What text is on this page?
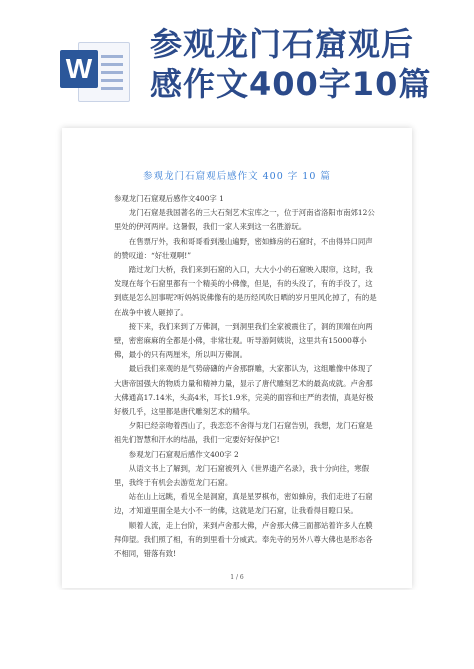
W
参观龙门石窟观后
感作文400字10篇
参观龙门石窟观后感作文 400 字 10 篇

参观龙门石窟观后感作文400字 1

龙门石窟是我国著名的三大石刻艺术宝库之一，位于河南省洛阳市南郊12公里处的伊河两岸。这暑假，我们一家人来到这一名胜游玩。

在售票厅外，我和哥哥看到漫山遍野，密如蜂房的石窟时，不由得异口同声的赞叹道：“好壮观啊!”

踏过龙门大桥，我们来到石窟的入口，大大小小的石窟映入眼帘，这时，我发现在每个石窟里都有一个精美的小佛像，但是，有的头没了，有的手没了，这到底是怎么回事呢?听妈妈说佛像有的是历经风吹日晒的岁月里风化掉了，有的是在战争中被人砸掉了。

接下来，我们来到了万佛洞，一到洞里我们全家被震住了，洞的顶端在向两壁，密密麻麻的全都是小佛，非常壮观。听导游阿姨说，这里共有15000尊小佛，最小的只有两厘米，所以叫万佛洞。

最后我们来观的是气势磅礴的卢舍那群雕，大家都认为，这组雕像中体现了大唐帝国强大的物质力量和精神力量，显示了唐代雕刻艺术的最高成就。卢舍那大佛通高17.14米，头高4米，耳长1.9米，完美的面容和庄严的表情，真是好极好极几乎，这里都是唐代雕刻艺术的精华。

夕阳已经亲吻着西山了，我恋恋不舍得与龙门石窟告别，我想，龙门石窟是祖先们智慧和汗水的结晶，我们一定要好好保护它!

参观龙门石窟观后感作文400字 2

从语文书上了解到，龙门石窟被列入《世界遗产名录》，我十分向往，寒假里，我终于有机会去游览龙门石窟。

站在山上远眺，看见全是洞窟，真是星罗棋布，密如蜂房，我们走进了石窟边，才知道里面全是大小不一的佛，这就是龙门石窟，让我看得目瞪口呆。

顺着人流，走上台阶，来到卢舍那大佛，卢舍那大佛三面都站着许多人在膜拜仰望。我们照了相，有的到里看十分威武。奉先寺的另外八尊大佛也是形态各不相同，错落有致!

1 / 6
